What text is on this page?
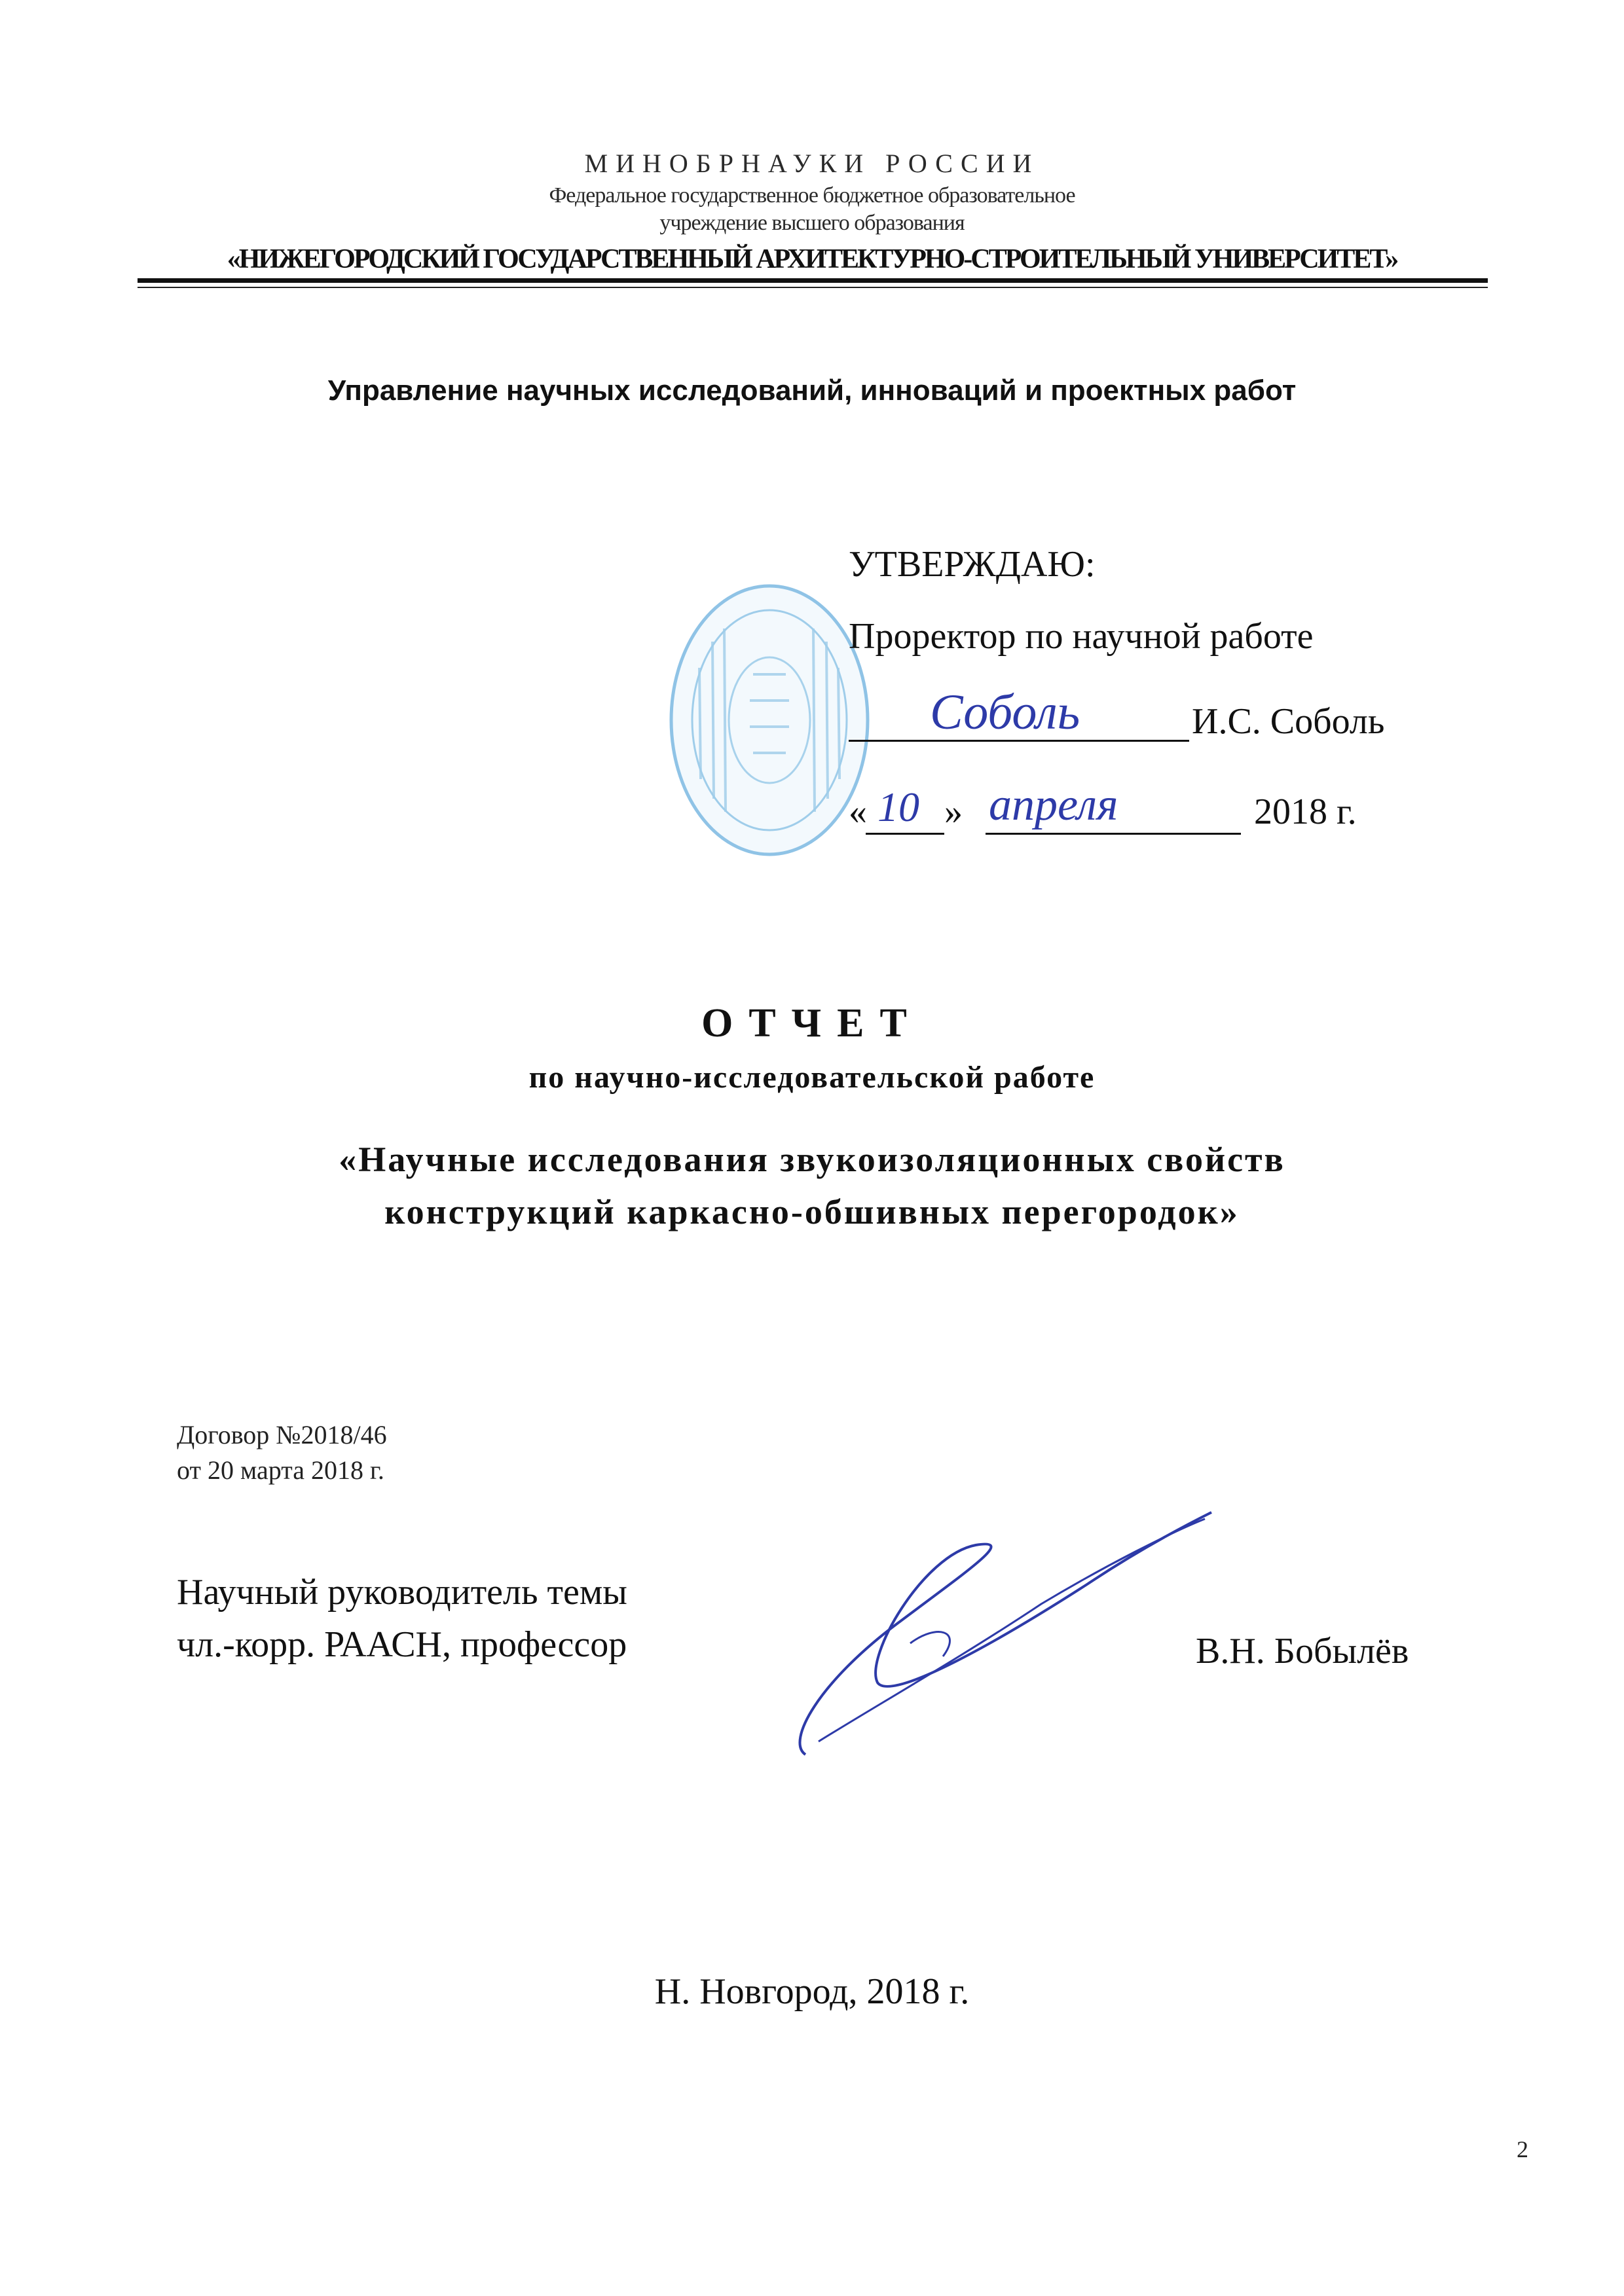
МИНОБРНАУКИ РОССИИ
Федеральное государственное бюджетное образовательное
учреждение высшего образования
«НИЖЕГОРОДСКИЙ ГОСУДАРСТВЕННЫЙ АРХИТЕКТУРНО-СТРОИТЕЛЬНЫЙ УНИВЕРСИТЕТ»
Управление научных исследований, инноваций и проектных работ
УТВЕРЖДАЮ:
Проректор по научной работе
Соболь	И.С. Соболь
« 10 » апреля	2018 г.
ОТЧЕТ
по научно-исследовательской работе
«Научные исследования звукоизоляционных свойств
конструкций каркасно-обшивных перегородок»
Договор №2018/46
от 20 марта 2018 г.
Научный руководитель темы
чл.-корр. РААСН, профессор	В.Н. Бобылёв
Н. Новгород, 2018 г.
2
